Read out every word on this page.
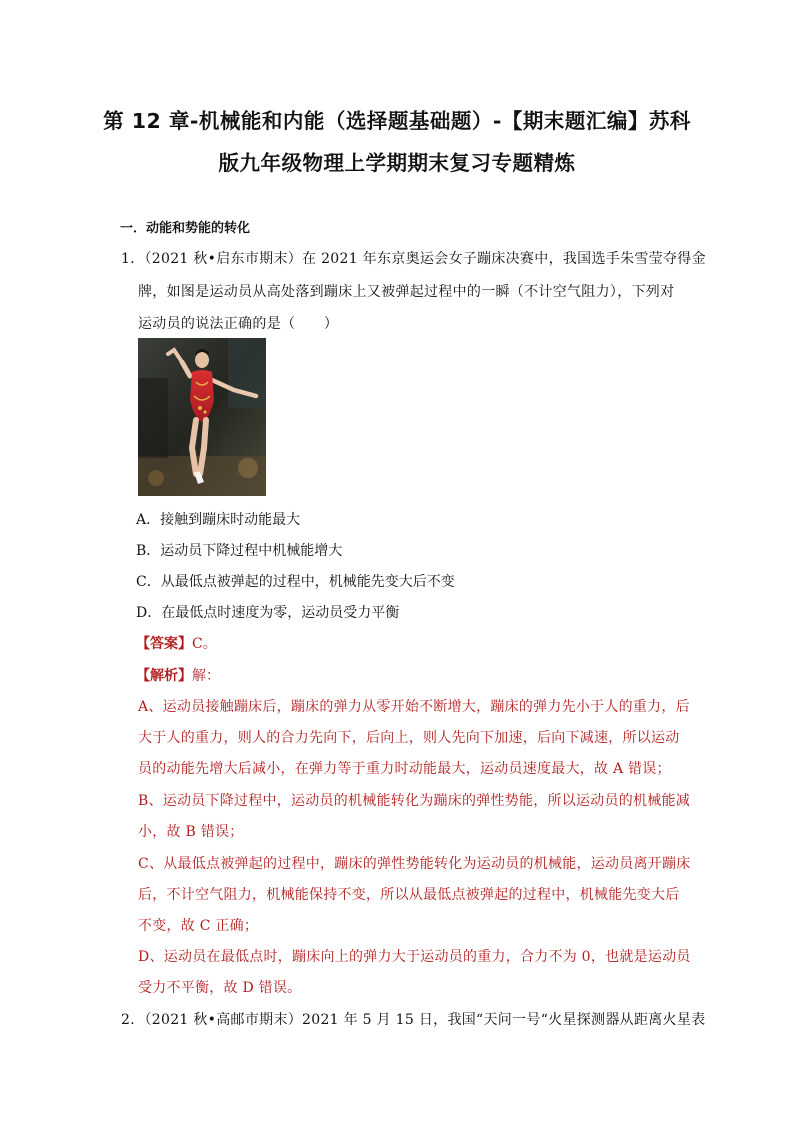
第 12 章-机械能和内能（选择题基础题）-【期末题汇编】苏科
版九年级物理上学期期末复习专题精炼
一．动能和势能的转化
1．（2021 秋•启东市期末）在 2021 年东京奥运会女子蹦床决赛中，我国选手朱雪莹夺得金
牌，如图是运动员从高处落到蹦床上又被弹起过程中的一瞬（不计空气阻力），下列对
运动员的说法正确的是（　　）
A．接触到蹦床时动能最大
B．运动员下降过程中机械能增大
C．从最低点被弹起的过程中，机械能先变大后不变
D．在最低点时速度为零，运动员受力平衡
【答案】C。
【解析】解：
A、运动员接触蹦床后，蹦床的弹力从零开始不断增大，蹦床的弹力先小于人的重力，后
大于人的重力，则人的合力先向下，后向上，则人先向下加速，后向下减速，所以运动
员的动能先增大后减小，在弹力等于重力时动能最大，运动员速度最大，故 A 错误；
B、运动员下降过程中，运动员的机械能转化为蹦床的弹性势能，所以运动员的机械能减
小，故 B 错误；
C、从最低点被弹起的过程中，蹦床的弹性势能转化为运动员的机械能，运动员离开蹦床
后，不计空气阻力，机械能保持不变，所以从最低点被弹起的过程中，机械能先变大后
不变，故 C 正确；
D、运动员在最低点时，蹦床向上的弹力大于运动员的重力，合力不为 0，也就是运动员
受力不平衡，故 D 错误。
2．（2021 秋•高邮市期末）2021 年 5 月 15 日，我国“天问一号“火星探测器从距离火星表
